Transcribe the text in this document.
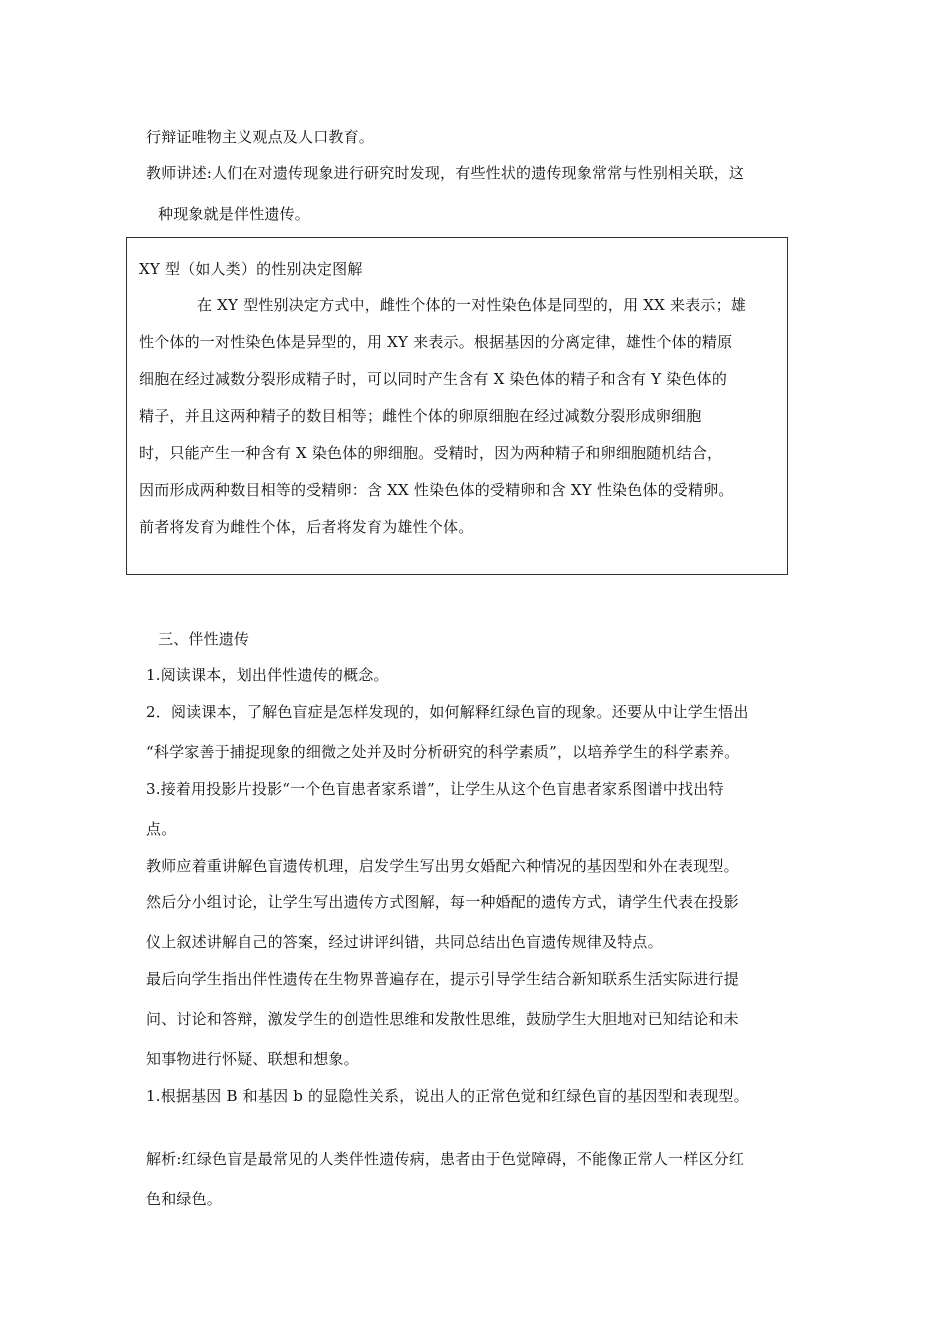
行辩证唯物主义观点及人口教育。
教师讲述:人们在对遗传现象进行研究时发现，有些性状的遗传现象常常与性别相关联，这
种现象就是伴性遗传。
XY 型（如人类）的性别决定图解
在 XY 型性别决定方式中，雌性个体的一对性染色体是同型的，用 XX 来表示；雄
性个体的一对性染色体是异型的，用 XY 来表示。根据基因的分离定律，雄性个体的精原
细胞在经过减数分裂形成精子时，可以同时产生含有 X 染色体的精子和含有 Y 染色体的
精子，并且这两种精子的数目相等；雌性个体的卵原细胞在经过减数分裂形成卵细胞
时，只能产生一种含有 X 染色体的卵细胞。受精时，因为两种精子和卵细胞随机结合，
因而形成两种数目相等的受精卵：含 XX 性染色体的受精卵和含 XY 性染色体的受精卵。
前者将发育为雌性个体，后者将发育为雄性个体。
三、伴性遗传
1.阅读课本，划出伴性遗传的概念。
2．阅读课本，了解色盲症是怎样发现的，如何解释红绿色盲的现象。还要从中让学生悟出
“科学家善于捕捉现象的细微之处并及时分析研究的科学素质”，以培养学生的科学素养。
3.接着用投影片投影“一个色盲患者家系谱”，让学生从这个色盲患者家系图谱中找出特
点。
教师应着重讲解色盲遗传机理，启发学生写出男女婚配六种情况的基因型和外在表现型。
然后分小组讨论，让学生写出遗传方式图解，每一种婚配的遗传方式，请学生代表在投影
仪上叙述讲解自己的答案，经过讲评纠错，共同总结出色盲遗传规律及特点。
最后向学生指出伴性遗传在生物界普遍存在，提示引导学生结合新知联系生活实际进行提
问、讨论和答辩，激发学生的创造性思维和发散性思维，鼓励学生大胆地对已知结论和未
知事物进行怀疑、联想和想象。
1.根据基因 B 和基因 b 的显隐性关系，说出人的正常色觉和红绿色盲的基因型和表现型。
解析:红绿色盲是最常见的人类伴性遗传病，患者由于色觉障碍，不能像正常人一样区分红
色和绿色。
